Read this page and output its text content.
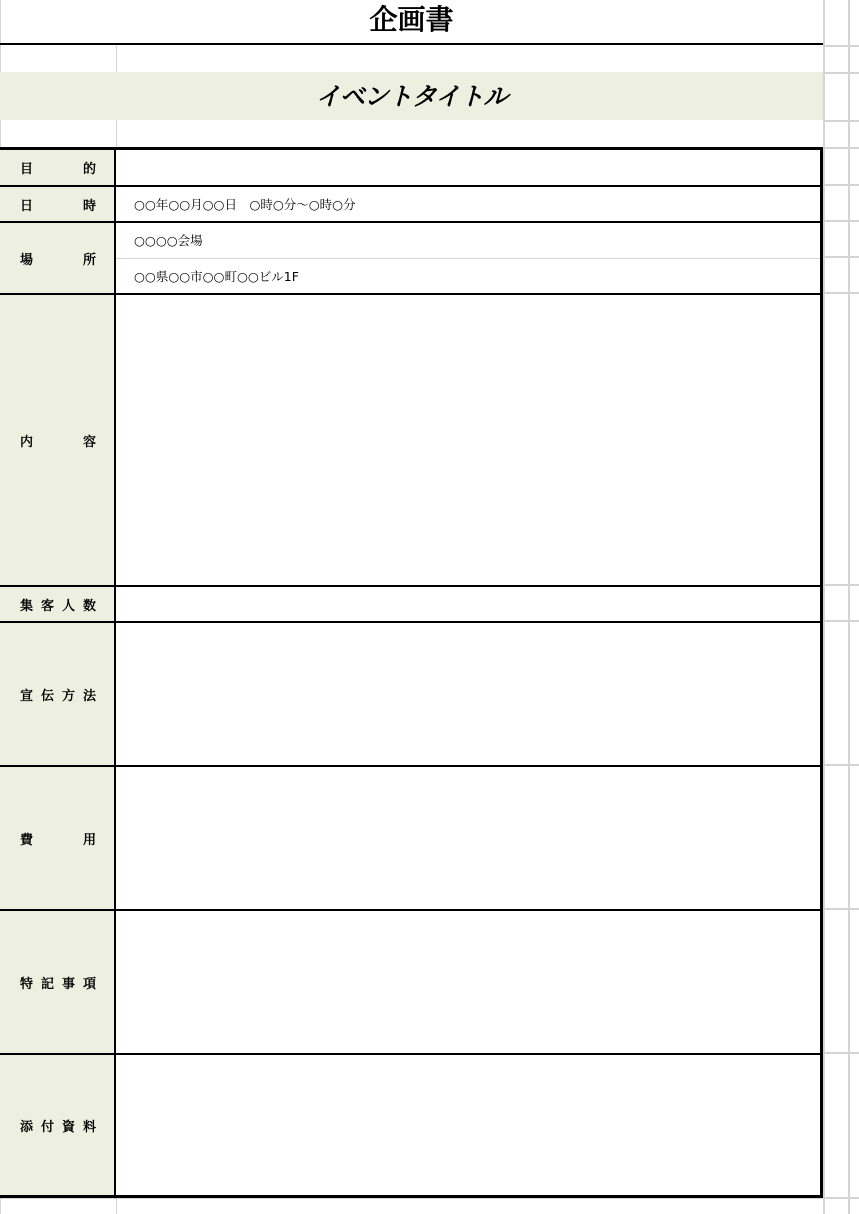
企画書
イベントタイトル
目的
日時	○○年○○月○○日　○時○分～○時○分
場所
○○○○会場
○○県○○市○○町○○ビル1F
内容
集客人数
宣伝方法
費用
特記事項
添付資料
